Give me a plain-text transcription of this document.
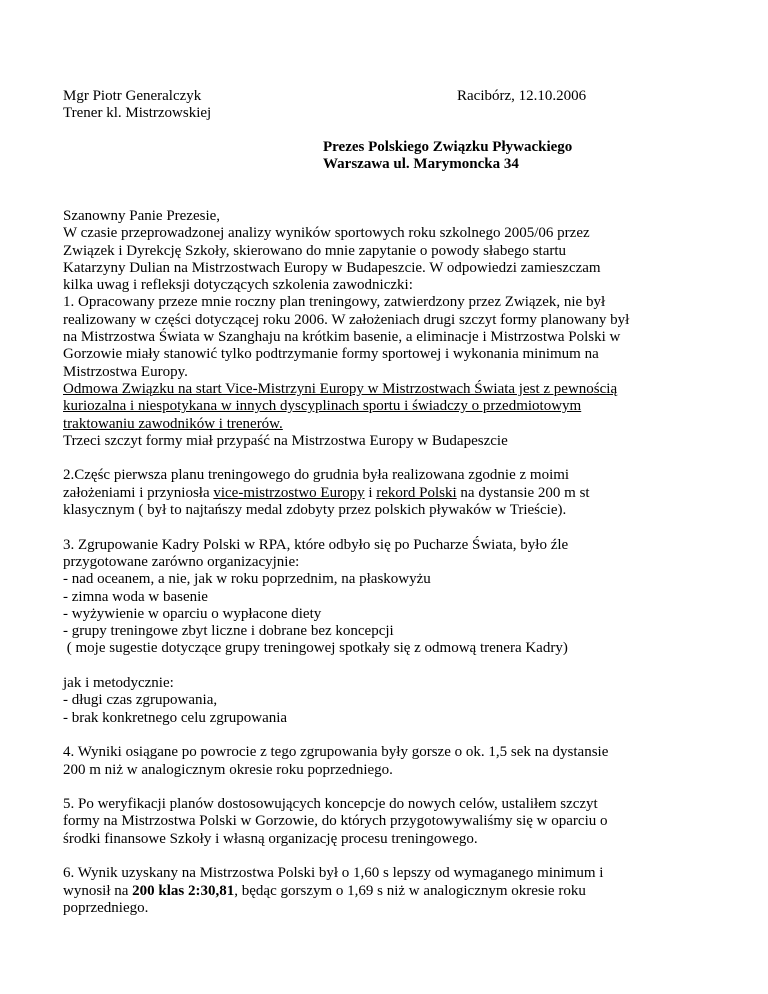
Mgr Piotr Generalczyk
Trener kl. Mistrzowskiej
Racibórz, 12.10.2006
Prezes Polskiego Związku Pływackiego
Warszawa ul. Marymoncka 34
Szanowny Panie Prezesie,
W czasie przeprowadzonej analizy wyników sportowych roku szkolnego 2005/06 przez
Związek i Dyrekcję Szkoły, skierowano do mnie zapytanie o powody słabego startu
Katarzyny Dulian na Mistrzostwach Europy w Budapeszcie. W odpowiedzi zamieszczam
kilka uwag i refleksji dotyczących szkolenia zawodniczki:
1. Opracowany przeze mnie roczny plan treningowy, zatwierdzony przez Związek, nie był
realizowany w części dotyczącej roku 2006. W założeniach drugi szczyt formy planowany był
na Mistrzostwa Świata w Szanghaju na krótkim basenie, a eliminacje i Mistrzostwa Polski w
Gorzowie miały stanowić tylko podtrzymanie formy sportowej i wykonania minimum na
Mistrzostwa Europy.
Odmowa Związku na start Vice-Mistrzyni Europy w Mistrzostwach Świata jest z pewnością
kuriozalna i niespotykana w innych dyscyplinach sportu i świadczy o przedmiotowym
traktowaniu zawodników i trenerów.
Trzeci szczyt formy miał przypaść na Mistrzostwa Europy w Budapeszcie
2.Częśc pierwsza planu treningowego do grudnia była realizowana zgodnie z moimi
założeniami i przyniosła vice-mistrzostwo Europy i rekord Polski na dystansie 200 m st
klasycznym ( był to najtańszy medal zdobyty przez polskich pływaków w Trieście).
3. Zgrupowanie Kadry Polski w RPA, które odbyło się po Pucharze Świata, było źle
przygotowane zarówno organizacyjnie:
- nad oceanem, a nie, jak w roku poprzednim, na płaskowyżu
- zimna woda w basenie
- wyżywienie w oparciu o wypłacone diety
- grupy treningowe zbyt liczne i dobrane bez koncepcji
( moje sugestie dotyczące grupy treningowej spotkały się z odmową trenera Kadry)
jak i metodycznie:
- długi czas zgrupowania,
- brak konkretnego celu zgrupowania
4. Wyniki osiągane po powrocie z tego zgrupowania były gorsze o ok. 1,5 sek na dystansie
200 m niż w analogicznym okresie roku poprzedniego.
5. Po weryfikacji planów dostosowujących koncepcje do nowych celów, ustaliłem szczyt
formy na Mistrzostwa Polski w Gorzowie, do których przygotowywaliśmy się w oparciu o
środki finansowe Szkoły i własną organizację procesu treningowego.
6. Wynik uzyskany na Mistrzostwa Polski był o 1,60 s lepszy od wymaganego minimum i
wynosił na 200 klas 2:30,81, będąc gorszym o 1,69 s niż w analogicznym okresie roku
poprzedniego.
